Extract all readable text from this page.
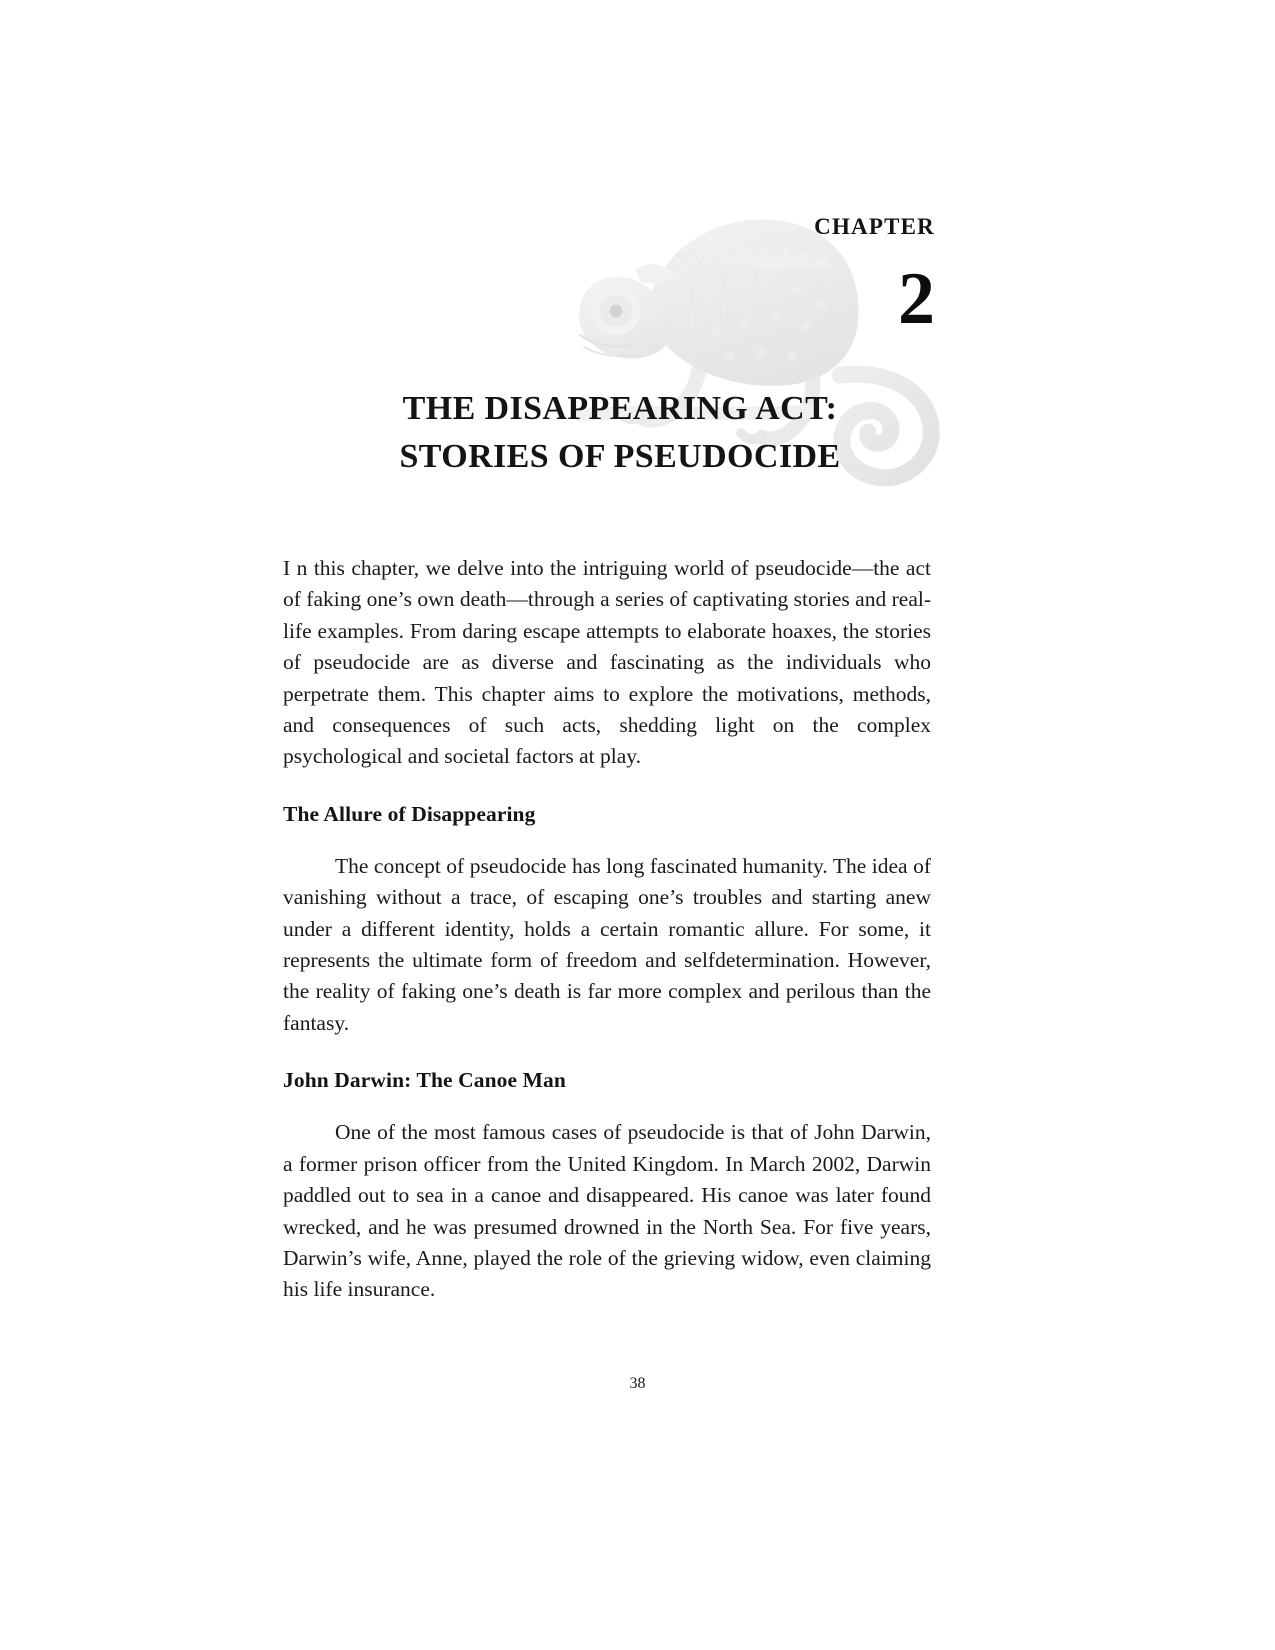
CHAPTER
2
THE DISAPPEARING ACT:
STORIES OF PSEUDOCIDE

I n this chapter, we delve into the intriguing world of pseudocide—the act of faking one’s own death—through a series of captivating stories and real-life examples. From daring escape attempts to elaborate hoaxes, the stories of pseudocide are as diverse and fascinating as the individuals who perpetrate them. This chapter aims to explore the motivations, methods, and consequences of such acts, shedding light on the complex psychological and societal factors at play.

The Allure of Disappearing

The concept of pseudocide has long fascinated humanity. The idea of vanishing without a trace, of escaping one’s troubles and starting anew under a different identity, holds a certain romantic allure. For some, it represents the ultimate form of freedom and selfdetermination. However, the reality of faking one’s death is far more complex and perilous than the fantasy.

John Darwin: The Canoe Man

One of the most famous cases of pseudocide is that of John Darwin, a former prison officer from the United Kingdom. In March 2002, Darwin paddled out to sea in a canoe and disappeared. His canoe was later found wrecked, and he was presumed drowned in the North Sea. For five years, Darwin’s wife, Anne, played the role of the grieving widow, even claiming his life insurance.

38
